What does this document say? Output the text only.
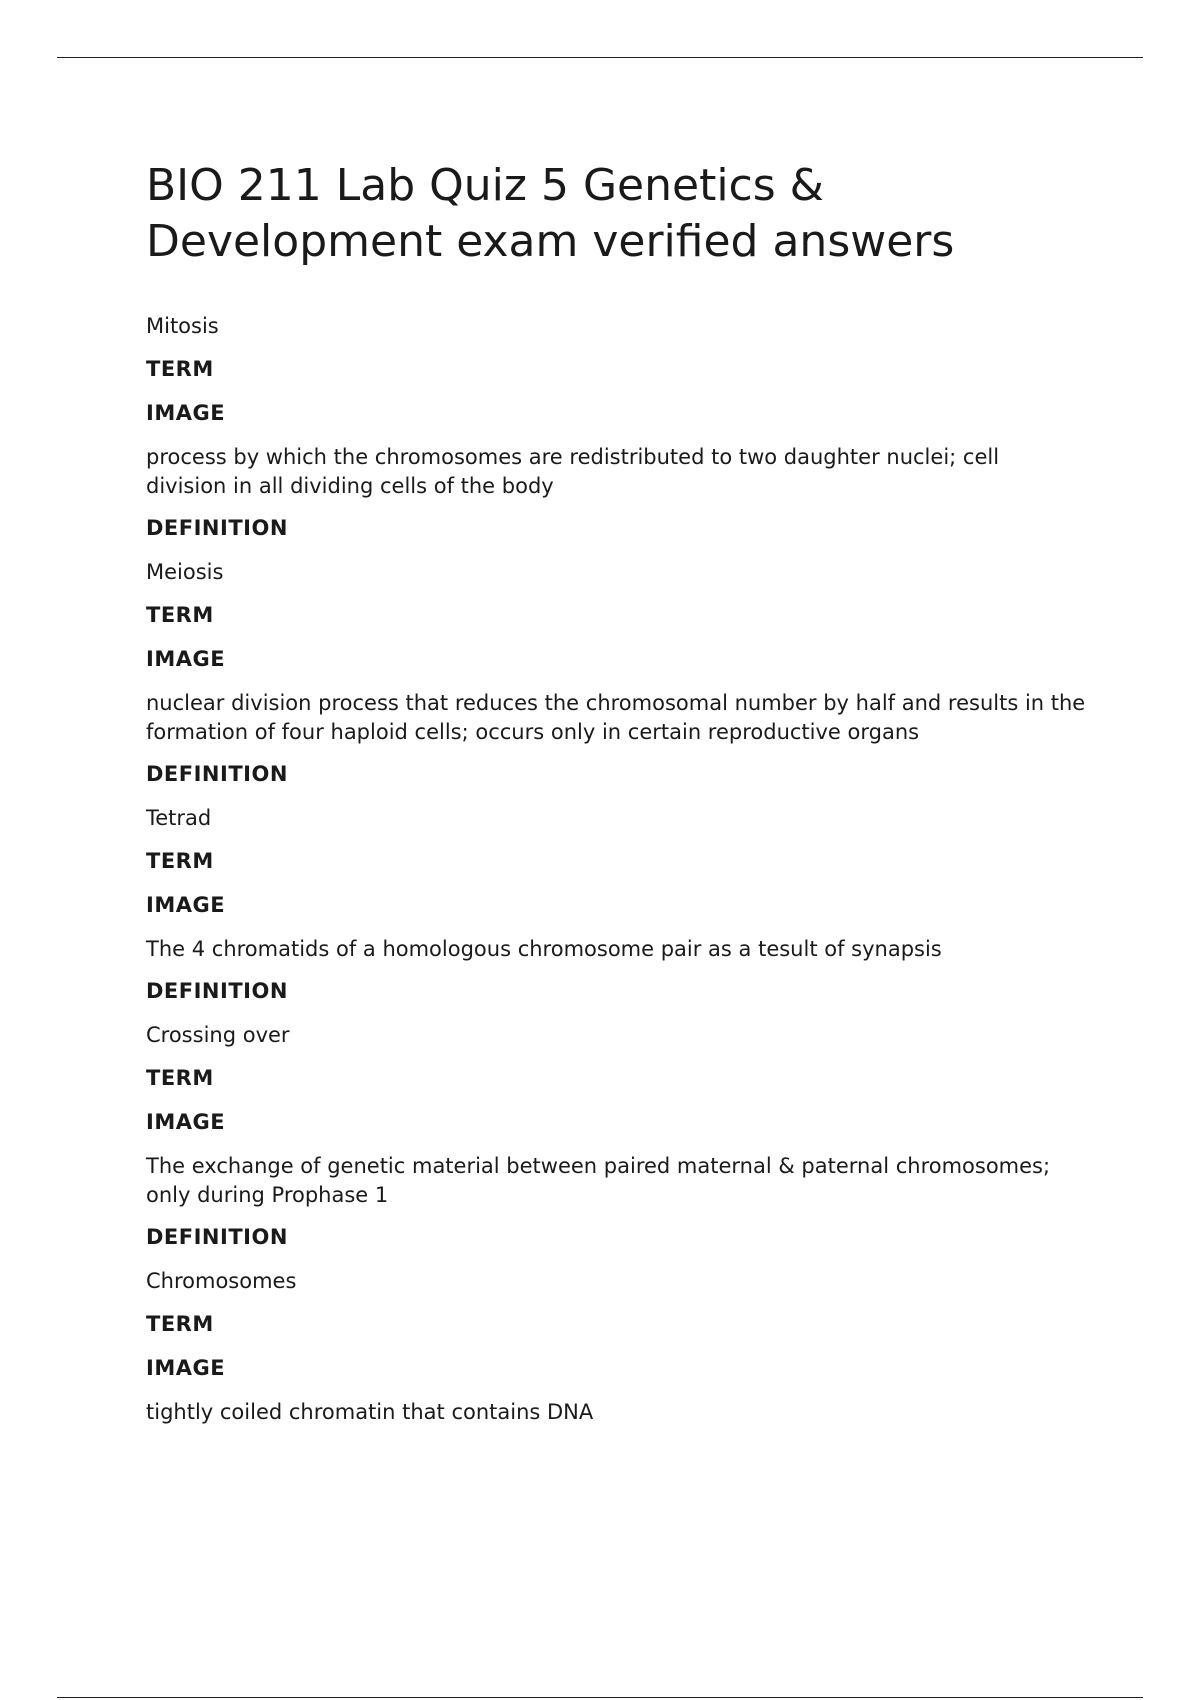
BIO 211 Lab Quiz 5 Genetics & Development exam verified answers

Mitosis

TERM

IMAGE

process by which the chromosomes are redistributed to two daughter nuclei; cell division in all dividing cells of the body

DEFINITION

Meiosis

TERM

IMAGE

nuclear division process that reduces the chromosomal number by half and results in the formation of four haploid cells; occurs only in certain reproductive organs

DEFINITION

Tetrad

TERM

IMAGE

The 4 chromatids of a homologous chromosome pair as a tesult of synapsis

DEFINITION

Crossing over

TERM

IMAGE

The exchange of genetic material between paired maternal & paternal chromosomes; only during Prophase 1

DEFINITION

Chromosomes

TERM

IMAGE

tightly coiled chromatin that contains DNA
